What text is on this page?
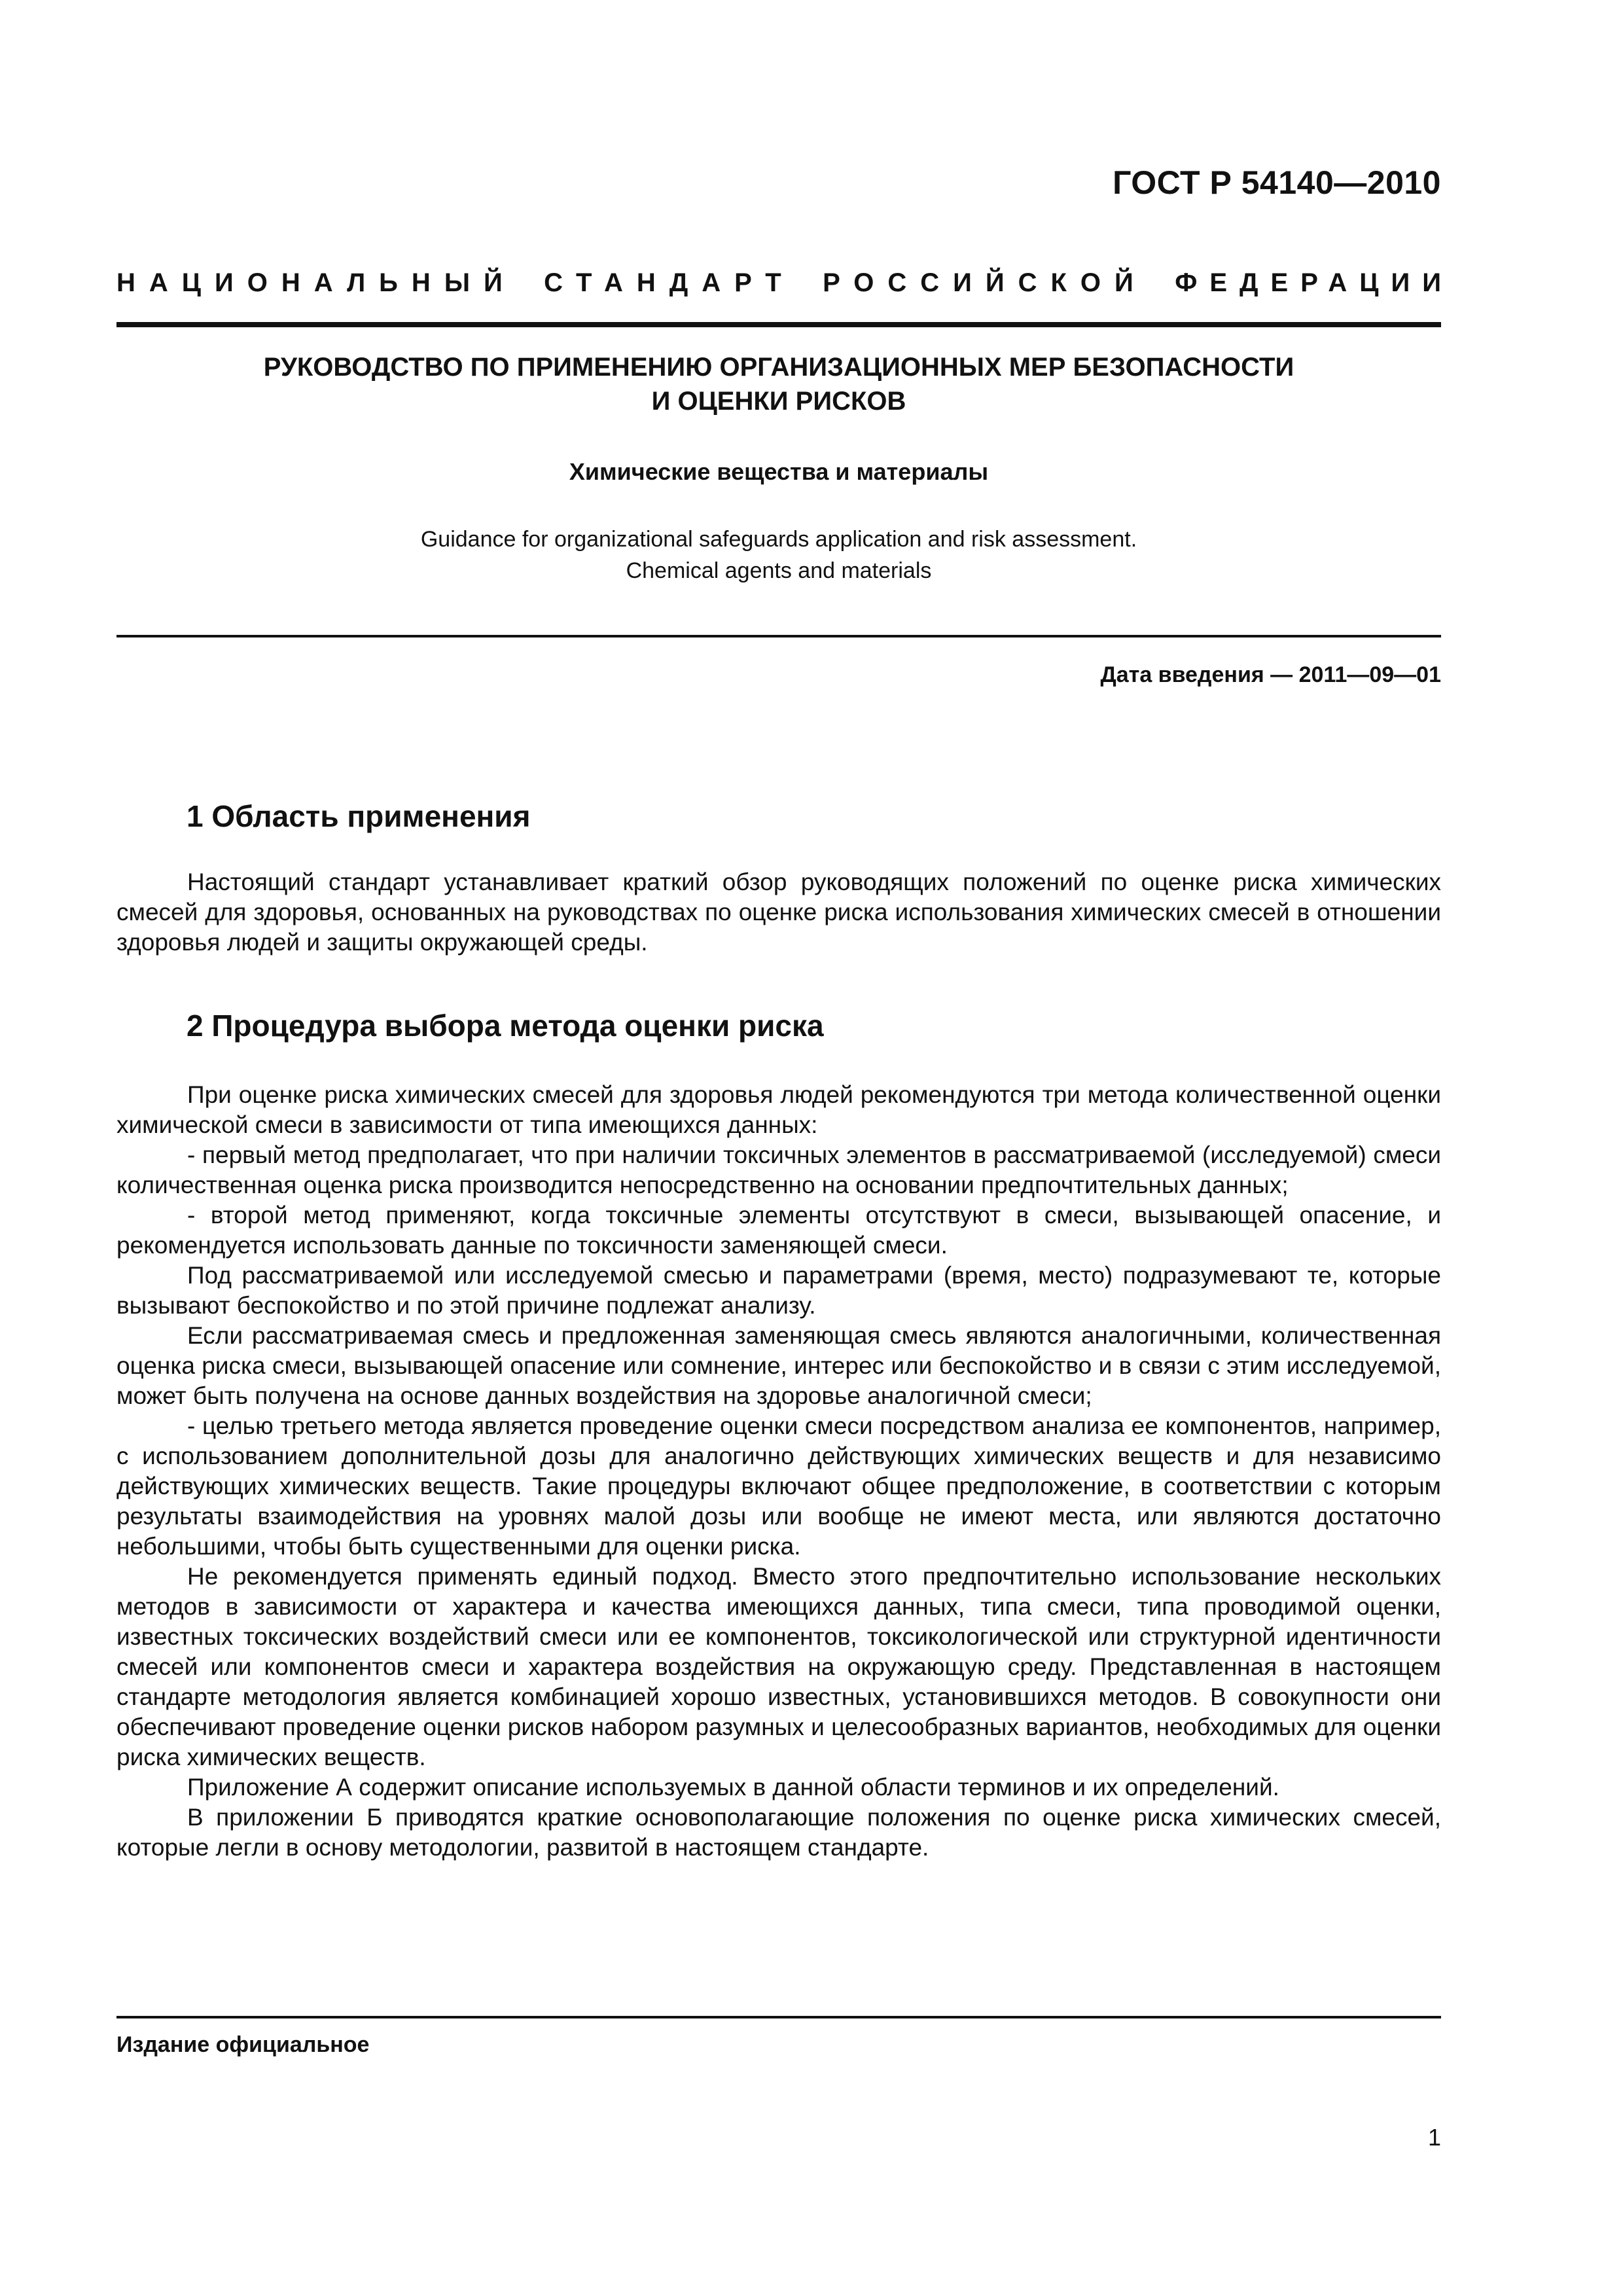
ГОСТ Р 54140—2010
НАЦИОНАЛЬНЫЙ СТАНДАРТ РОССИЙСКОЙ ФЕДЕРАЦИИ
РУКОВОДСТВО ПО ПРИМЕНЕНИЮ ОРГАНИЗАЦИОННЫХ МЕР БЕЗОПАСНОСТИ
И ОЦЕНКИ РИСКОВ
Химические вещества и материалы
Guidance for organizational safeguards application and risk assessment.
Chemical agents and materials
Дата введения — 2011—09—01
1 Область применения

Настоящий стандарт устанавливает краткий обзор руководящих положений по оценке риска химических смесей для здоровья, основанных на руководствах по оценке риска использования химических смесей в отношении здоровья людей и защиты окружающей среды.

2 Процедура выбора метода оценки риска

При оценке риска химических смесей для здоровья людей рекомендуются три метода количественной оценки химической смеси в зависимости от типа имеющихся данных:

- первый метод предполагает, что при наличии токсичных элементов в рассматриваемой (исследуемой) смеси количественная оценка риска производится непосредственно на основании предпочтительных данных;

- второй метод применяют, когда токсичные элементы отсутствуют в смеси, вызывающей опасение, и рекомендуется использовать данные по токсичности заменяющей смеси.

Под рассматриваемой или исследуемой смесью и параметрами (время, место) подразумевают те, которые вызывают беспокойство и по этой причине подлежат анализу.

Если рассматриваемая смесь и предложенная заменяющая смесь являются аналогичными, количественная оценка риска смеси, вызывающей опасение или сомнение, интерес или беспокойство и в связи с этим исследуемой, может быть получена на основе данных воздействия на здоровье аналогичной смеси;

- целью третьего метода является проведение оценки смеси посредством анализа ее компонентов, например, с использованием дополнительной дозы для аналогично действующих химических веществ и для независимо действующих химических веществ. Такие процедуры включают общее предположение, в соответствии с которым результаты взаимодействия на уровнях малой дозы или вообще не имеют места, или являются достаточно небольшими, чтобы быть существенными для оценки риска.

Не рекомендуется применять единый подход. Вместо этого предпочтительно использование нескольких методов в зависимости от характера и качества имеющихся данных, типа смеси, типа проводимой оценки, известных токсических воздействий смеси или ее компонентов, токсикологической или структурной идентичности смесей или компонентов смеси и характера воздействия на окружающую среду. Представленная в настоящем стандарте методология является комбинацией хорошо известных, установившихся методов. В совокупности они обеспечивают проведение оценки рисков набором разумных и целесообразных вариантов, необходимых для оценки риска химических веществ.

Приложение А содержит описание используемых в данной области терминов и их определений.

В приложении Б приводятся краткие основополагающие положения по оценке риска химических смесей, которые легли в основу методологии, развитой в настоящем стандарте.

Издание официальное
1
